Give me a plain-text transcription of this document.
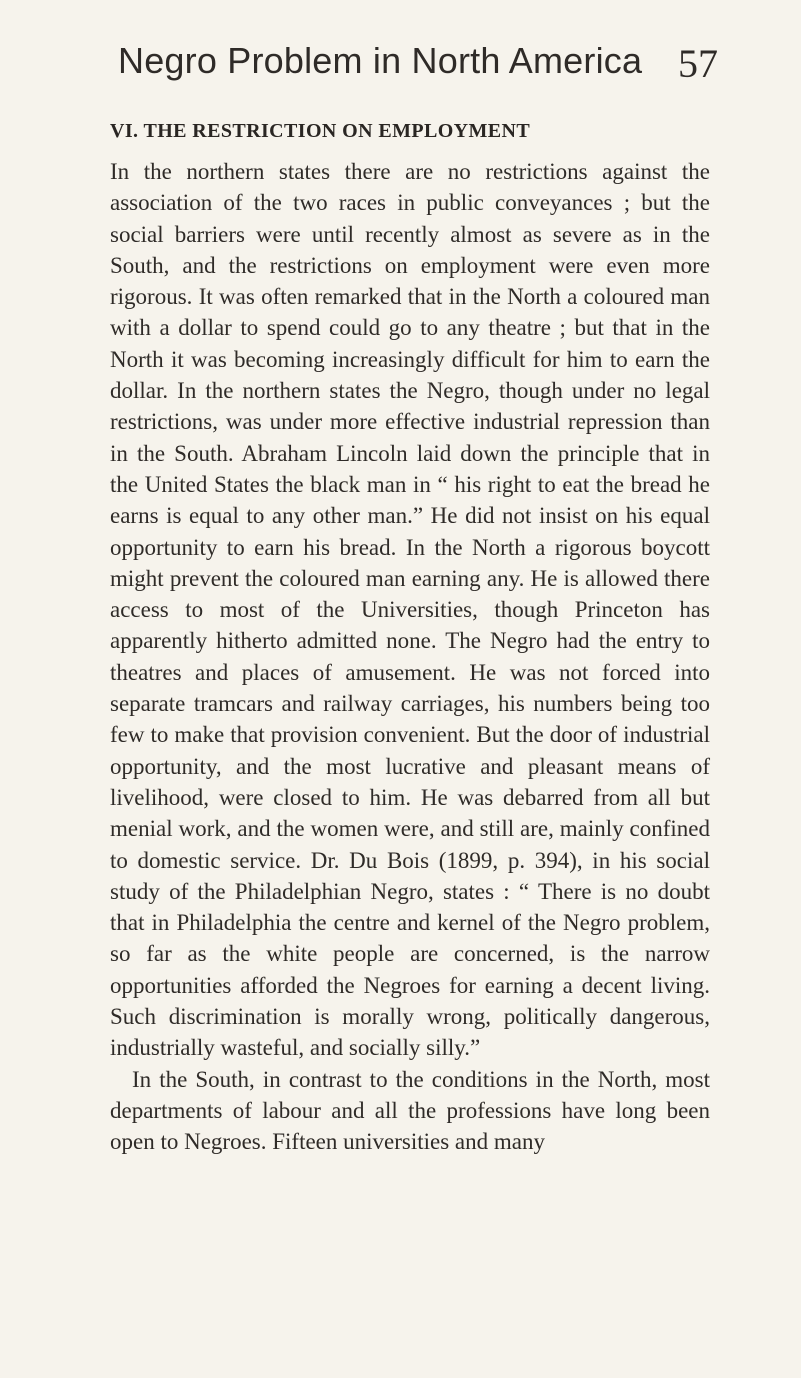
Negro Problem in North America 57
VI. THE RESTRICTION ON EMPLOYMENT

In the northern states there are no restrictions against the association of the two races in public conveyances ; but the social barriers were until recently almost as severe as in the South, and the restrictions on employment were even more rigorous. It was often remarked that in the North a coloured man with a dollar to spend could go to any theatre ; but that in the North it was becoming increasingly difficult for him to earn the dollar. In the northern states the Negro, though under no legal restrictions, was under more effective industrial repression than in the South. Abraham Lincoln laid down the principle that in the United States the black man in “ his right to eat the bread he earns is equal to any other man.” He did not insist on his equal opportunity to earn his bread. In the North a rigorous boycott might prevent the coloured man earning any. He is allowed there access to most of the Universities, though Princeton has apparently hitherto admitted none. The Negro had the entry to theatres and places of amusement. He was not forced into separate tramcars and railway carriages, his numbers being too few to make that provision convenient. But the door of industrial opportunity, and the most lucrative and pleasant means of livelihood, were closed to him. He was debarred from all but menial work, and the women were, and still are, mainly confined to domestic service. Dr. Du Bois (1899, p. 394), in his social study of the Philadelphian Negro, states : “ There is no doubt that in Philadelphia the centre and kernel of the Negro problem, so far as the white people are concerned, is the narrow opportunities afforded the Negroes for earning a decent living. Such discrimination is morally wrong, politically dangerous, industrially wasteful, and socially silly.”

In the South, in contrast to the conditions in the North, most departments of labour and all the professions have long been open to Negroes. Fifteen universities and many
